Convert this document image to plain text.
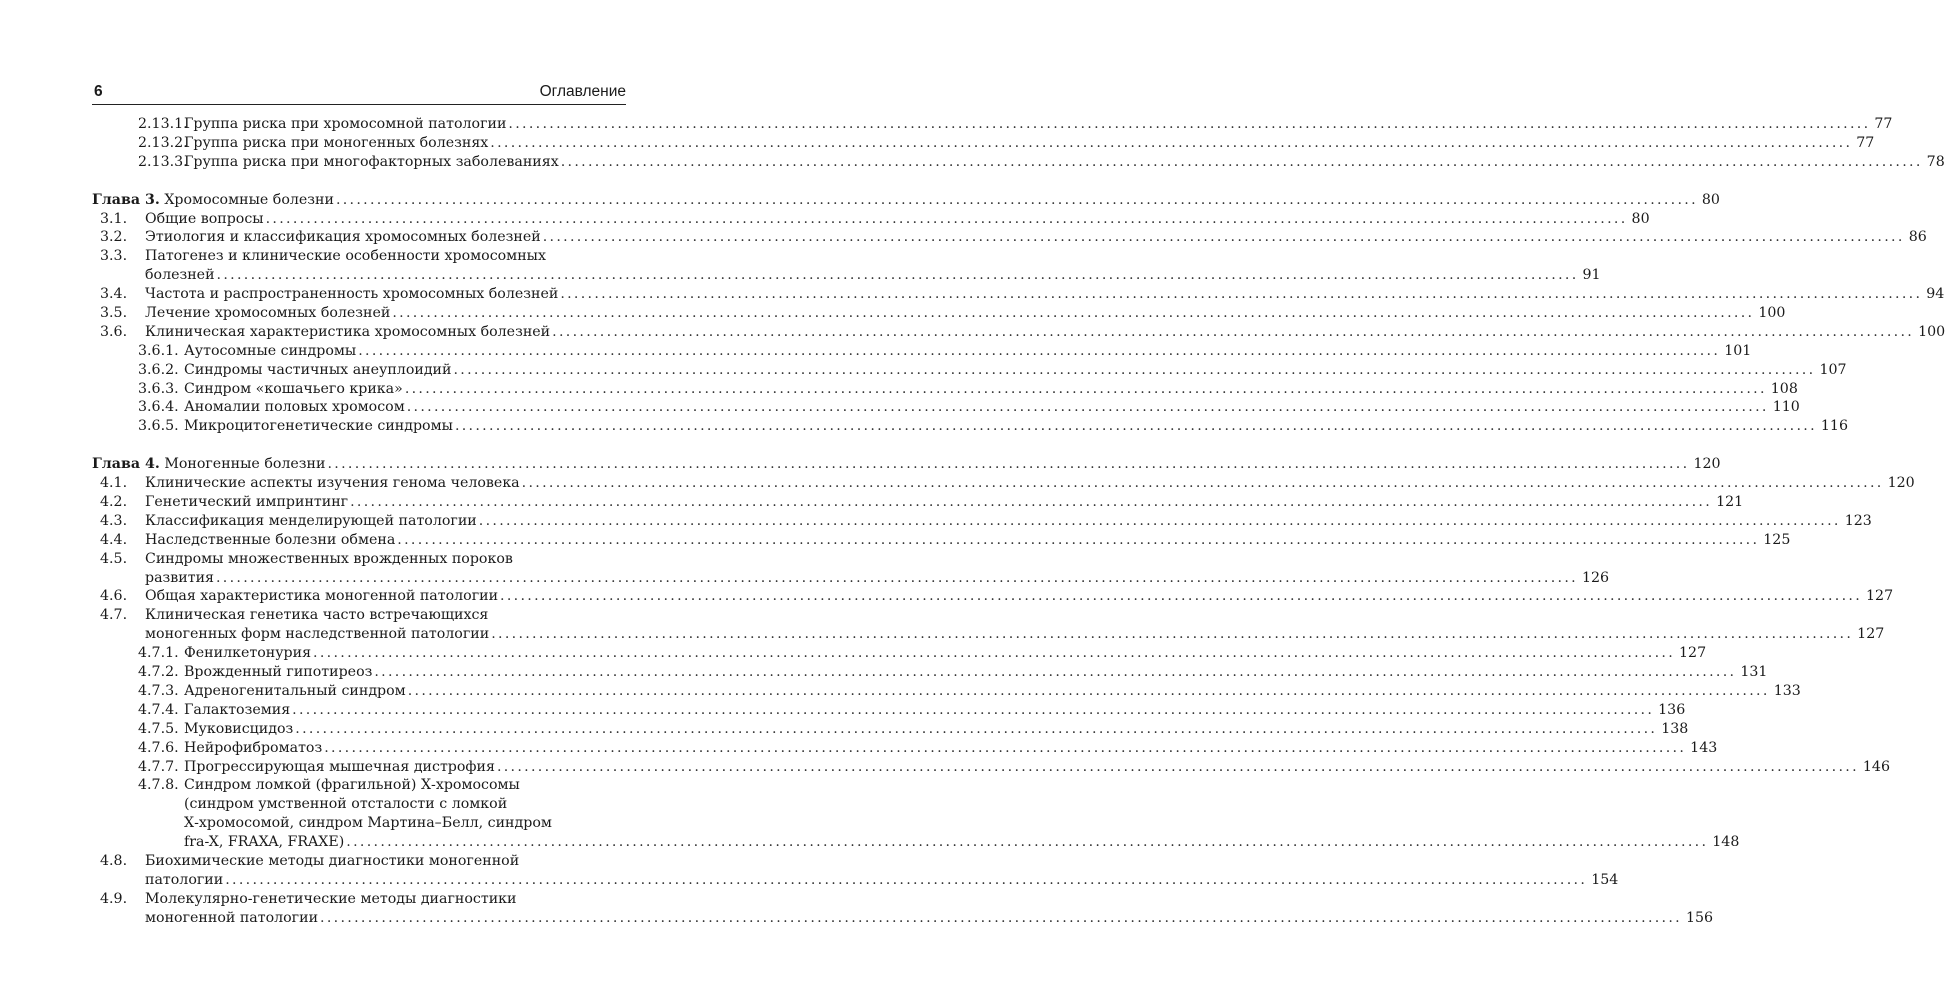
6	Оглавление
2.13.1.
Группа риска при хромосомной патологии ........................................................................................................................................................................................................ 77
2.13.2.
Группа риска при моногенных болезнях ........................................................................................................................................................................................................ 77
2.13.3.
Группа риска при многофакторных заболеваниях ........................................................................................................................................................................................................ 78
Глава 3. Хромосомные болезни ........................................................................................................................................................................................................ 80
3.1. Общие вопросы ........................................................................................................................................................................................................ 80
3.2. Этиология и классификация хромосомных болезней ........................................................................................................................................................................................................ 86
3.3. Патогенез и клинические особенности хромосомных
болезней ........................................................................................................................................................................................................ 91
3.4. Частота и распространенность хромосомных болезней ........................................................................................................................................................................................................ 94
3.5. Лечение хромосомных болезней ........................................................................................................................................................................................................ 100
3.6. Клиническая характеристика хромосомных болезней ........................................................................................................................................................................................................ 100
3.6.1. Аутосомные синдромы ........................................................................................................................................................................................................ 101
3.6.2. Синдромы частичных анеуплоидий ........................................................................................................................................................................................................ 107
3.6.3. Синдром «кошачьего крика» ........................................................................................................................................................................................................ 108
3.6.4. Аномалии половых хромосом ........................................................................................................................................................................................................ 110
3.6.5. Микроцитогенетические синдромы ........................................................................................................................................................................................................ 116
Глава 4. Моногенные болезни ........................................................................................................................................................................................................ 120
4.1. Клинические аспекты изучения генома человека ........................................................................................................................................................................................................ 120
4.2. Генетический импринтинг ........................................................................................................................................................................................................ 121
4.3. Классификация менделирующей патологии ........................................................................................................................................................................................................ 123
4.4. Наследственные болезни обмена ........................................................................................................................................................................................................ 125
4.5. Синдромы множественных врожденных пороков
развития ........................................................................................................................................................................................................ 126
4.6. Общая характеристика моногенной патологии ........................................................................................................................................................................................................ 127
4.7. Клиническая генетика часто встречающихся
моногенных форм наследственной патологии ........................................................................................................................................................................................................ 127
4.7.1. Фенилкетонурия ........................................................................................................................................................................................................ 127
4.7.2. Врожденный гипотиреоз ........................................................................................................................................................................................................ 131
4.7.3. Адреногенитальный синдром ........................................................................................................................................................................................................ 133
4.7.4. Галактоземия ........................................................................................................................................................................................................ 136
4.7.5. Муковисцидоз ........................................................................................................................................................................................................ 138
4.7.6. Нейрофиброматоз ........................................................................................................................................................................................................ 143
4.7.7. Прогрессирующая мышечная дистрофия ........................................................................................................................................................................................................ 146
4.7.8. Синдром ломкой (фрагильной) Х-хромосомы
(синдром умственной отсталости с ломкой
Х-хромосомой, синдром Мартина–Белл, синдром
fra-X, FRAXA, FRAXE) ........................................................................................................................................................................................................ 148
4.8. Биохимические методы диагностики моногенной
патологии ........................................................................................................................................................................................................ 154
4.9. Молекулярно-генетические методы диагностики
моногенной патологии ........................................................................................................................................................................................................ 156
